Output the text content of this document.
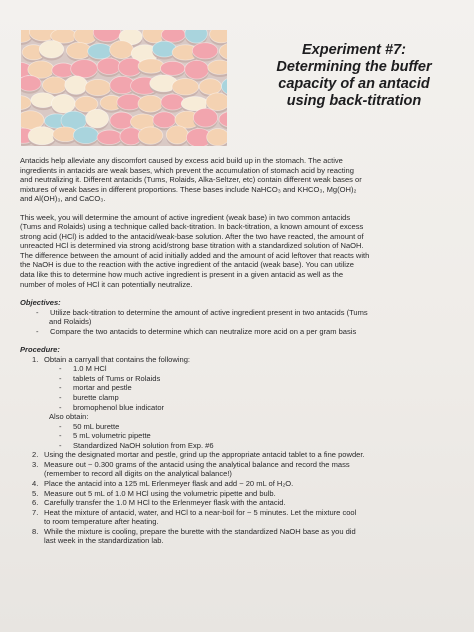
Experiment #7:
Determining the buffer
capacity of an antacid
using back-titration
Antacids help alleviate any discomfort caused by excess acid build up in the stomach. The active
ingredients in antacids are weak bases, which prevent the accumulation of stomach acid by reacting
and neutralizing it. Different antacids (Tums, Rolaids, Alka-Seltzer, etc) contain different weak bases or
mixtures of weak bases in different proportions. These bases include NaHCO₃ and KHCO₃, Mg(OH)₂
and Al(OH)₃, and CaCO₃.
This week, you will determine the amount of active ingredient (weak base) in two common antacids
(Tums and Rolaids) using a technique called back-titration. In back-titration, a known amount of excess
strong acid (HCl) is added to the antacid/weak-base solution. After the two have reacted, the amount of
unreacted HCl is determined via strong acid/strong base titration with a standardized solution of NaOH.
The difference between the amount of acid initially added and the amount of acid leftover that reacts with
the NaOH is due to the reaction with the active ingredient of the antacid (weak base). You can utilize
data like this to determine how much active ingredient is present in a given antacid as well as the
number of moles of HCl it can potentially neutralize.
Objectives:
- Utilize back-titration to determine the amount of active ingredient present in two antacids (Tums
and Rolaids)
- Compare the two antacids to determine which can neutralize more acid on a per gram basis
Procedure:
1. Obtain a carryall that contains the following:
- 1.0 M HCl
- tablets of Tums or Rolaids
- mortar and pestle
- burette clamp
- bromophenol blue indicator
Also obtain:
- 50 mL burette
- 5 mL volumetric pipette
- Standardized NaOH solution from Exp. #6
2. Using the designated mortar and pestle, grind up the appropriate antacid tablet to a fine powder.
3. Measure out ~ 0.300 grams of the antacid using the analytical balance and record the mass
(remember to record all digits on the analytical balance!)
4. Place the antacid into a 125 mL Erlenmeyer flask and add ~ 20 mL of H₂O.
5. Measure out 5 mL of 1.0 M HCl using the volumetric pipette and bulb.
6. Carefully transfer the 1.0 M HCl to the Erlenmeyer flask with the antacid.
7. Heat the mixture of antacid, water, and HCl to a near-boil for ~ 5 minutes. Let the mixture cool
to room temperature after heating.
8. While the mixture is cooling, prepare the burette with the standardized NaOH base as you did
last week in the standardization lab.
